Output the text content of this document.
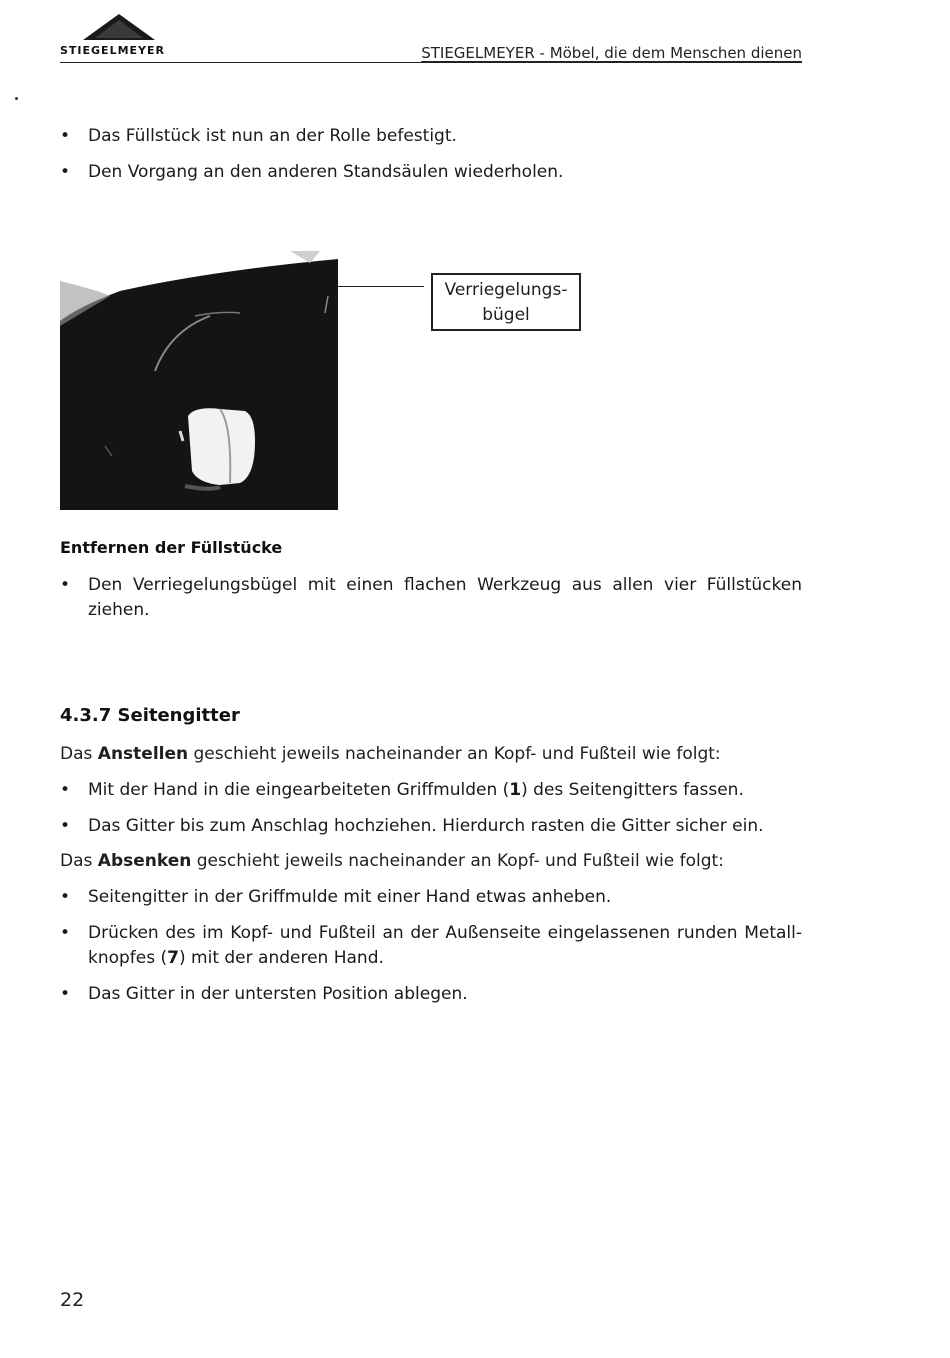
STIEGELMEYER	STIEGELMEYER - Möbel, die dem Menschen dienen
•	Das Füllstück ist nun an der Rolle befestigt.
•	Den Vorgang an den anderen Standsäulen wiederholen.
Verriegelungs-
bügel
Entfernen der Füllstücke
•	Den Verriegelungsbügel mit einen flachen Werkzeug aus allen vier Füllstücken ziehen.
4.3.7 Seitengitter
Das Anstellen geschieht jeweils nacheinander an Kopf- und Fußteil wie folgt:
•	Mit der Hand in die eingearbeiteten Griffmulden (1) des Seitengitters fassen.
•	Das Gitter bis zum Anschlag hochziehen. Hierdurch rasten die Gitter sicher ein.
Das Absenken geschieht jeweils nacheinander an Kopf- und Fußteil wie folgt:
•	Seitengitter in der Griffmulde mit einer Hand etwas anheben.
•	Drücken des im Kopf- und Fußteil an der Außenseite eingelassenen runden Metall-knopfes (7) mit der anderen Hand.
•	Das Gitter in der untersten Position ablegen.
22
